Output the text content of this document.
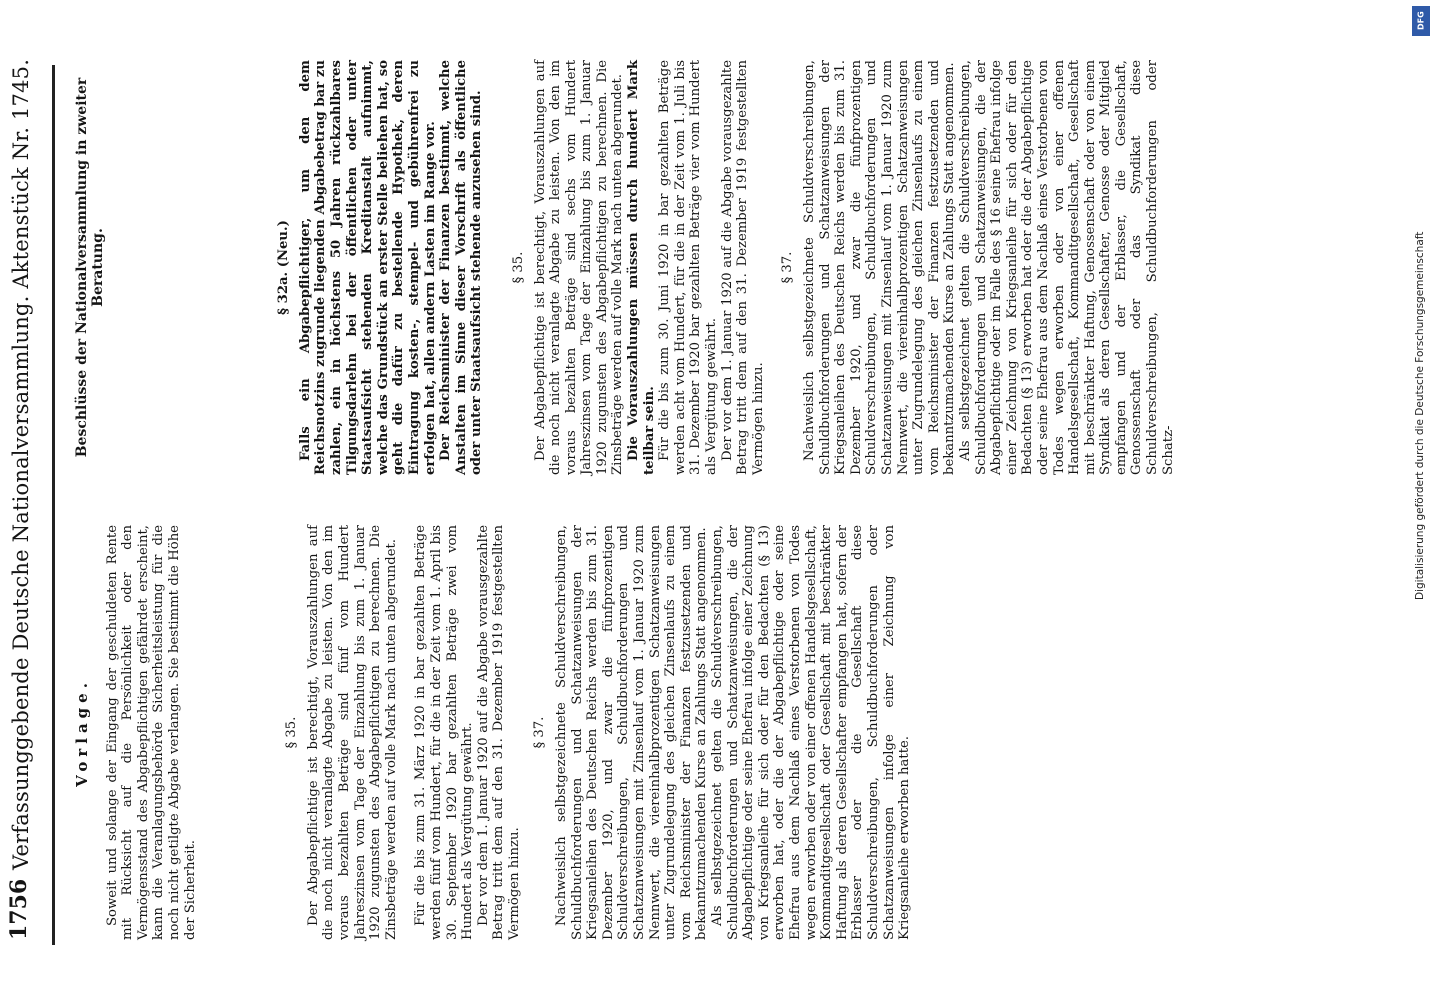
1756
Verfassunggebende Deutsche Nationalversammlung. Aktenstück Nr. 1745.	Vorlage. Soweit und solange der Eingang der geschuldeten Rente mit Rücksicht auf die Persönlichkeit oder den Vermögensstand des Abgabepflichtigen gefährdet erscheint, kann die Veranlagungsbehörde Sicherheitsleistung für die noch nicht getilgte Abgabe verlangen. Sie bestimmt die Höhe der Sicherheit.

§ 35. Der Abgabepflichtige ist berechtigt, Vorauszahlungen auf die noch nicht veranlagte Abgabe zu leisten. Von den im voraus bezahlten Beträge sind fünf vom Hundert Jahreszinsen vom Tage der Einzahlung bis zum 1. Januar 1920 zugunsten des Abgabepflichtigen zu berechnen. Die Zinsbeträge werden auf volle Mark nach unten abgerundet. Für die bis zum 31. März 1920 in bar gezahlten Beträge werden fünf vom Hundert, für die in der Zeit vom 1. April bis 30. September 1920 bar gezahlten Beträge zwei vom Hundert als Vergütung gewährt. Der vor dem 1. Januar 1920 auf die Abgabe vorausgezahlte Betrag tritt dem auf den 31. Dezember 1919 festgestellten Vermögen hinzu.

§ 37. Nachweislich selbstgezeichnete Schuldverschreibungen, Schuldbuchforderungen und Schatzanweisungen der Kriegsanleihen des Deutschen Reichs werden bis zum 31. Dezember 1920, und zwar die fünfprozentigen Schuldverschreibungen, Schuldbuchforderungen und Schatzanweisungen mit Zinsenlauf vom 1. Januar 1920 zum Nennwert, die viereinhalbprozentigen Schatzanweisungen unter Zugrundelegung des gleichen Zinsenlaufs zu einem vom Reichsminister der Finanzen festzusetzenden und bekanntzumachenden Kurse an Zahlungs Statt angenommen. Als selbstgezeichnet gelten die Schuldverschreibungen, Schuldbuchforderungen und Schatzanweisungen, die der Abgabepflichtige oder seine Ehefrau infolge einer Zeichnung von Kriegsanleihe für sich oder für den Bedachten (§ 13) erworben hat, oder die der Abgabepflichtige oder seine Ehefrau aus dem Nachlaß eines Verstorbenen von Todes wegen erworben oder von einer offenen Handelsgesellschaft, Kommanditgesellschaft oder Gesellschaft mit beschränkter Haftung als deren Gesellschafter empfangen hat, sofern der Erblasser oder die Gesellschaft diese Schuldverschreibungen, Schuldbuchforderungen oder Schatzanweisungen infolge einer Zeichnung von Kriegsanleihe erworben hatte.

Beschlüsse der Nationalversammlung in zweiter Beratung.	§ 32a. (Neu.) Falls ein Abgabepflichtiger, um den dem Reichsnotzins zugrunde liegenden Abgabebetrag bar zu zahlen, ein in höchstens 50 Jahren rückzahlbares Tilgungsdarlehn bei der öffentlichen oder unter Staatsaufsicht stehenden Kreditanstalt aufnimmt, welche das Grundstück an erster Stelle beliehen hat, so geht die dafür zu bestellende Hypothek, deren Eintragung kosten-, stempel- und gebührenfrei zu erfolgen hat, allen andern Lasten im Range vor. Der Reichsminister der Finanzen bestimmt, welche Anstalten im Sinne dieser Vorschrift als öffentliche oder unter Staatsaufsicht stehende anzusehen sind. § 35. Der Abgabepflichtige ist berechtigt, Vorauszahlungen auf die noch nicht veranlagte Abgabe zu leisten. Von den im voraus bezahlten Beträge sind sechs vom Hundert Jahreszinsen vom Tage der Einzahlung bis zum 1. Januar 1920 zugunsten des Abgabepflichtigen zu berechnen. Die Zinsbeträge werden auf volle Mark nach unten abgerundet. Die Vorauszahlungen müssen durch hundert Mark teilbar sein. Für die bis zum 30. Juni 1920 in bar gezahlten Beträge werden acht vom Hundert, für die in der Zeit vom 1. Juli bis 31. Dezember 1920 bar gezahlten Beträge vier vom Hundert als Vergütung gewährt. Der vor dem 1. Januar 1920 auf die Abgabe vorausgezahlte Betrag tritt dem auf den 31. Dezember 1919 festgestellten Vermögen hinzu.

§ 37. Nachweislich selbstgezeichnete Schuldverschreibungen, Schuldbuchforderungen und Schatzanweisungen der Kriegsanleihen des Deutschen Reichs werden bis zum 31. Dezember 1920, und zwar die fünfprozentigen Schuldverschreibungen, Schuldbuchforderungen und Schatzanweisungen mit Zinsenlauf vom 1. Januar 1920 zum Nennwert, die viereinhalbprozentigen Schatzanweisungen unter Zugrundelegung des gleichen Zinsenlaufs zu einem vom Reichsminister der Finanzen festzusetzenden und bekanntzumachenden Kurse an Zahlungs Statt angenommen. Als selbstgezeichnet gelten die Schuldverschreibungen, Schuldbuchforderungen und Schatzanweisungen, die der Abgabepflichtige oder im Falle des § 16 seine Ehefrau infolge einer Zeichnung von Kriegsanleihe für sich oder für den Bedachten (§ 13) erworben hat oder die der Abgabepflichtige oder seine Ehefrau aus dem Nachlaß eines Verstorbenen von Todes wegen erworben oder von einer offenen Handelsgesellschaft, Kommanditgesellschaft, Gesellschaft mit beschränkter Haftung, Genossenschaft oder von einem Syndikat als deren Gesellschafter, Genosse oder Mitglied empfangen und der Erblasser, die Gesellschaft, Genossenschaft oder das Syndikat diese Schuldverschreibungen, Schuldbuchforderungen oder Schatz-

DFG
Digitalisierung gefördert durch die Deutsche Forschungsgemeinschaft
